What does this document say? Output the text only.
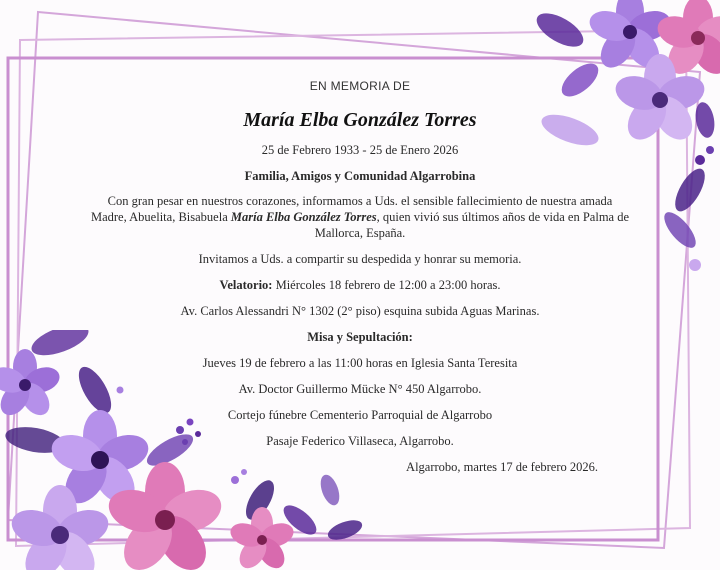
EN MEMORIA DE

María Elba González Torres

25 de Febrero 1933 - 25 de Enero 2026

Familia, Amigos y Comunidad Algarrobina

Con gran pesar en nuestros corazones, informamos a Uds. el sensible fallecimiento de nuestra amada Madre, Abuelita, Bisabuela María Elba González Torres, quien vivió sus últimos años de vida en Palma de Mallorca, España.

Invitamos a Uds. a compartir su despedida y honrar su memoria.

Velatorio: Miércoles 18 febrero de 12:00 a 23:00 horas.

Av. Carlos Alessandri N° 1302 (2° piso) esquina subida Aguas Marinas.

Misa y Sepultación:

Jueves 19 de febrero a las 11:00 horas en Iglesia Santa Teresita

Av. Doctor Guillermo Mücke N° 450 Algarrobo.

Cortejo fúnebre Cementerio Parroquial de Algarrobo

Pasaje Federico Villaseca, Algarrobo.

Algarrobo, martes 17 de febrero 2026.
